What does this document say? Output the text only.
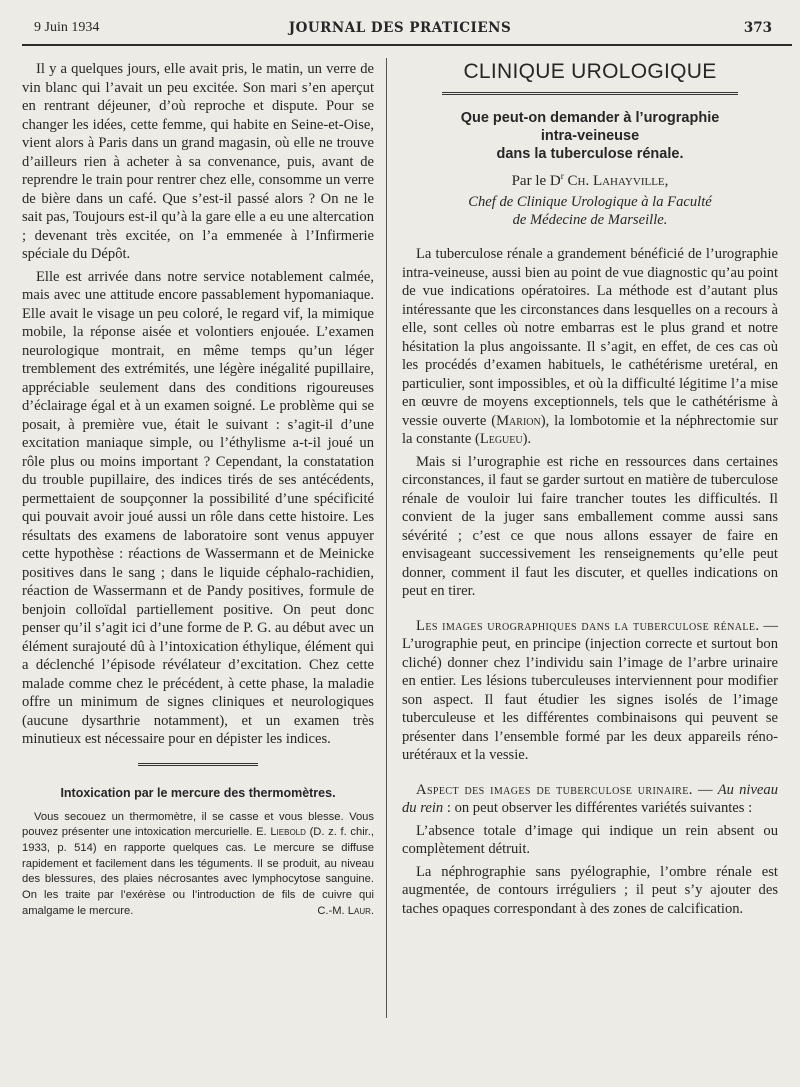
9 Juin 1934	JOURNAL DES PRATICIENS	373

Il y a quelques jours, elle avait pris, le matin, un verre de vin blanc qui l’avait un peu excitée. Son mari s’en aperçut en rentrant déjeuner, d’où reproche et dispute. Pour se changer les idées, cette femme, qui habite en Seine-et-Oise, vient alors à Paris dans un grand magasin, où elle ne trouve d’ailleurs rien à acheter à sa convenance, puis, avant de reprendre le train pour rentrer chez elle, consomme un verre de bière dans un café. Que s’est-il passé alors ? On ne le sait pas, Toujours est-il qu’à la gare elle a eu une altercation ; devenant très excitée, on l’a emmenée à l’Infirmerie spéciale du Dépôt.

Elle est arrivée dans notre service notablement calmée, mais avec une attitude encore passablement hypomaniaque. Elle avait le visage un peu coloré, le regard vif, la mimique mobile, la réponse aisée et volontiers enjouée. L’examen neurologique montrait, en même temps qu’un léger tremblement des extrémités, une légère inégalité pupillaire, appréciable seulement dans des conditions rigoureuses d’éclairage égal et à un examen soigné. Le problème qui se posait, à première vue, était le suivant : s’agit-il d’une excitation maniaque simple, ou l’éthylisme a-t-il joué un rôle plus ou moins important ? Cependant, la constatation du trouble pupillaire, des indices tirés de ses antécédents, permettaient de soupçonner la possibilité d’une spécificité qui pouvait avoir joué aussi un rôle dans cette histoire. Les résultats des examens de laboratoire sont venus appuyer cette hypothèse : réactions de Wassermann et de Meinicke positives dans le sang ; dans le liquide céphalo-rachidien, réaction de Wassermann et de Pandy positives, formule de benjoin colloïdal partiellement positive. On peut donc penser qu’il s’agit ici d’une forme de P. G. au début avec un élément surajouté dû à l’intoxication éthylique, élément qui a déclenché l’épisode révélateur d’excitation. Chez cette malade comme chez le précédent, à cette phase, la maladie offre un minimum de signes cliniques et neurologiques (aucune dysarthrie notamment), et un examen très minutieux est nécessaire pour en dépister les indices.

Intoxication par le mercure des thermomètres.

Vous secouez un thermomètre, il se casse et vous blesse. Vous pouvez présenter une intoxication mercurielle. E. Liebold (D. z. f. chir., 1933, p. 514) en rapporte quelques cas. Le mercure se diffuse rapidement et facilement dans les téguments. Il se produit, au niveau des blessures, des plaies nécrosantes avec lymphocytose sanguine. On les traite par l’exérèse ou l’introduction de fils de cuivre qui amalgame le mercure.	C.-M. Laur.

CLINIQUE UROLOGIQUE
Que peut-on demander à l’urographie
intra-veineuse
dans la tuberculose rénale.
Par le $D^r$ Ch. Lahayville,
Chef de Clinique Urologique à la Faculté
de Médecine de Marseille.

La tuberculose rénale a grandement bénéficié de l’urographie intra-veineuse, aussi bien au point de vue diagnostic qu’au point de vue indications opératoires. La méthode est d’autant plus intéressante que les circonstances dans lesquelles on a recours à elle, sont celles où notre embarras est le plus grand et notre hésitation la plus angoissante. Il s’agit, en effet, de ces cas où les procédés d’examen habituels, le cathétérisme uretéral, en particulier, sont impossibles, et où la difficulté légitime l’a mise en œuvre de moyens exceptionnels, tels que le cathétérisme à vessie ouverte (Marion), la lombotomie et la néphrectomie sur la constante (Legueu).

Mais si l’urographie est riche en ressources dans certaines circonstances, il faut se garder surtout en matière de tuberculose rénale de vouloir lui faire trancher toutes les difficultés. Il convient de la juger sans emballement comme aussi sans sévérité ; c’est ce que nous allons essayer de faire en envisageant successivement les renseignements qu’elle peut donner, comment il faut les discuter, et quelles indications on peut en tirer.

Les images urographiques dans la tuberculose rénale. — L’urographie peut, en principe (injection correcte et surtout bon cliché) donner chez l’individu sain l’image de l’arbre urinaire en entier. Les lésions tuberculeuses interviennent pour modifier son aspect. Il faut étudier les signes isolés de l’image tuberculeuse et les différentes combinaisons qui peuvent se présenter dans l’ensemble formé par les deux appareils réno-urétéraux et la vessie.

Aspect des images de tuberculose urinaire. — Au niveau du rein : on peut observer les différentes variétés suivantes :

L’absence totale d’image qui indique un rein absent ou complètement détruit.

La néphrographie sans pyélographie, l’ombre rénale est augmentée, de contours irréguliers ; il peut s’y ajouter des taches opaques correspondant à des zones de calcification.
